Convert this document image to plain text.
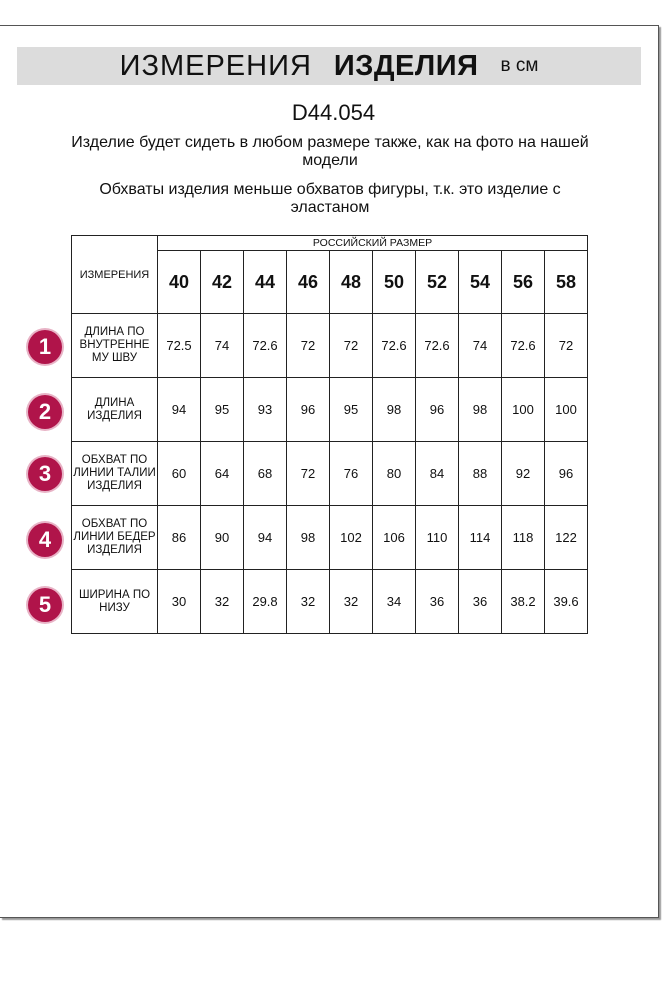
ИЗМЕРЕНИЯ ИЗДЕЛИЯ в см
D44.054
Изделие будет сидеть в любом размере также, как на фото на нашей модели
Обхваты изделия меньше обхватов фигуры, т.к. это изделие с эластаном
ИЗМЕРЕНИЯ	РОССИЙСКИЙ РАЗМЕР									
	40	42	44	46	48	50	52	54	56	58
ДЛИНА ПО ВНУТРЕННЕ МУ ШВУ	72.5	74	72.6	72	72	72.6	72.6	74	72.6	72
ДЛИНА ИЗДЕЛИЯ	94	95	93	96	95	98	96	98	100	100
ОБХВАТ ПО ЛИНИИ ТАЛИИ ИЗДЕЛИЯ	60	64	68	72	76	80	84	88	92	96
ОБХВАТ ПО ЛИНИИ БЕДЕР ИЗДЕЛИЯ	86	90	94	98	102	106	110	114	118	122
ШИРИНА ПО НИЗУ	30	32	29.8	32	32	34	36	36	38.2	39.6
1
2
3
4
5
